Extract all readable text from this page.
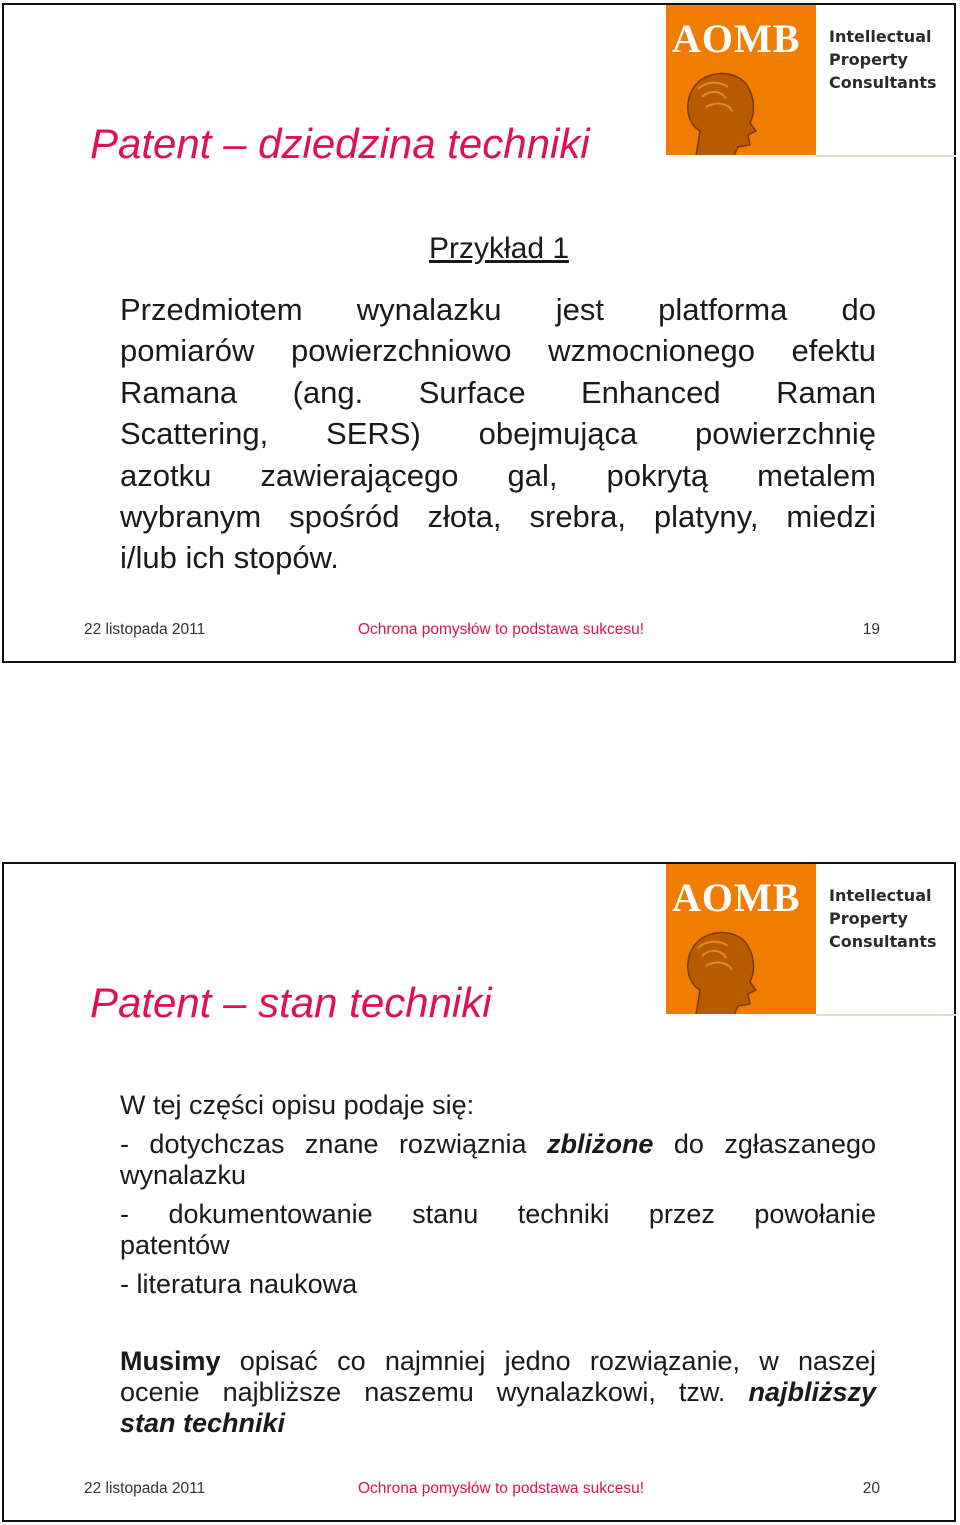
AOMB Intellectual
Property
Consultants
Patent – dziedzina techniki
Przykład 1
Przedmiotem wynalazku jest platforma do
pomiarów powierzchniowo wzmocnionego efektu
Ramana (ang. Surface Enhanced Raman
Scattering, SERS) obejmująca powierzchnię
azotku zawierającego gal, pokrytą metalem
wybranym spośród złota, srebra, platyny, miedzi
i/lub ich stopów.
22 listopada 2011	Ochrona pomysłów to podstawa sukcesu!	19
AOMB Intellectual
Property
Consultants
Patent – stan techniki
W tej części opisu podaje się:
- dotychczas znane rozwiąznia zbliżone do zgłaszanego
wynalazku
- dokumentowanie stanu techniki przez powołanie
patentów
- literatura naukowa
Musimy opisać co najmniej jedno rozwiązanie, w naszej
ocenie najbliższe naszemu wynalazkowi, tzw. najbliższy
stan techniki
22 listopada 2011	Ochrona pomysłów to podstawa sukcesu!	20
